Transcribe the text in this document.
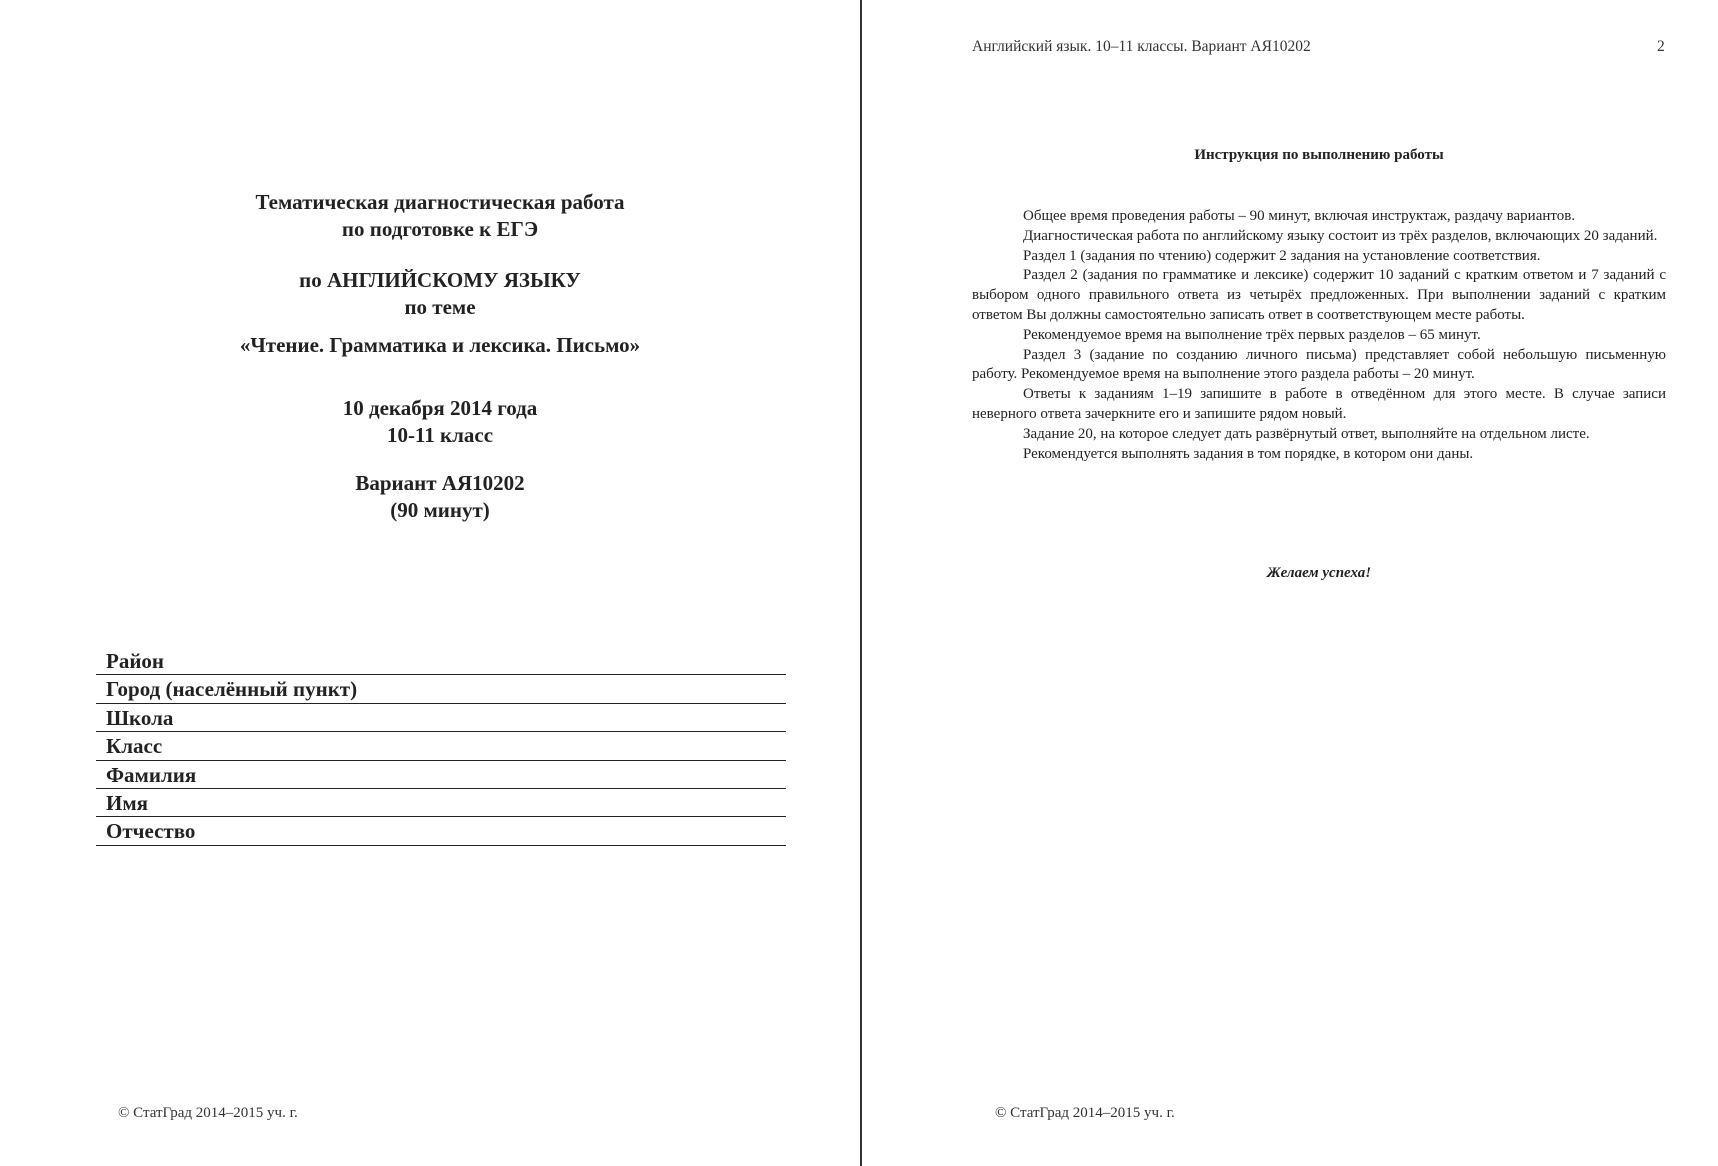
Тематическая диагностическая работа
по подготовке к ЕГЭ
по АНГЛИЙСКОМУ ЯЗЫКУ
по теме
«Чтение. Грамматика и лексика. Письмо»
10 декабря 2014 года
10-11 класс
Вариант АЯ10202
(90 минут)
Район
Город (населённый пункт)
Школа
Класс
Фамилия
Имя
Отчество
© СтатГрад 2014–2015 уч. г.
Английский язык. 10–11 классы. Вариант АЯ10202	2
Инструкция по выполнению работы

Общее время проведения работы – 90 минут, включая инструктаж, раздачу вариантов.

Диагностическая работа по английскому языку состоит из трёх разделов, включающих 20 заданий.

Раздел 1 (задания по чтению) содержит 2 задания на установление соответствия.

Раздел 2 (задания по грамматике и лексике) содержит 10 заданий с кратким ответом и 7 заданий с выбором одного правильного ответа из четырёх предложенных. При выполнении заданий с кратким ответом Вы должны самостоятельно записать ответ в соответствующем месте работы.

Рекомендуемое время на выполнение трёх первых разделов – 65 минут.

Раздел 3 (задание по созданию личного письма) представляет собой небольшую письменную работу. Рекомендуемое время на выполнение этого раздела работы – 20 минут.

Ответы к заданиям 1–19 запишите в работе в отведённом для этого месте. В случае записи неверного ответа зачеркните его и запишите рядом новый.

Задание 20, на которое следует дать развёрнутый ответ, выполняйте на отдельном листе.

Рекомендуется выполнять задания в том порядке, в котором они даны.

Желаем успеха!
© СтатГрад 2014–2015 уч. г.
